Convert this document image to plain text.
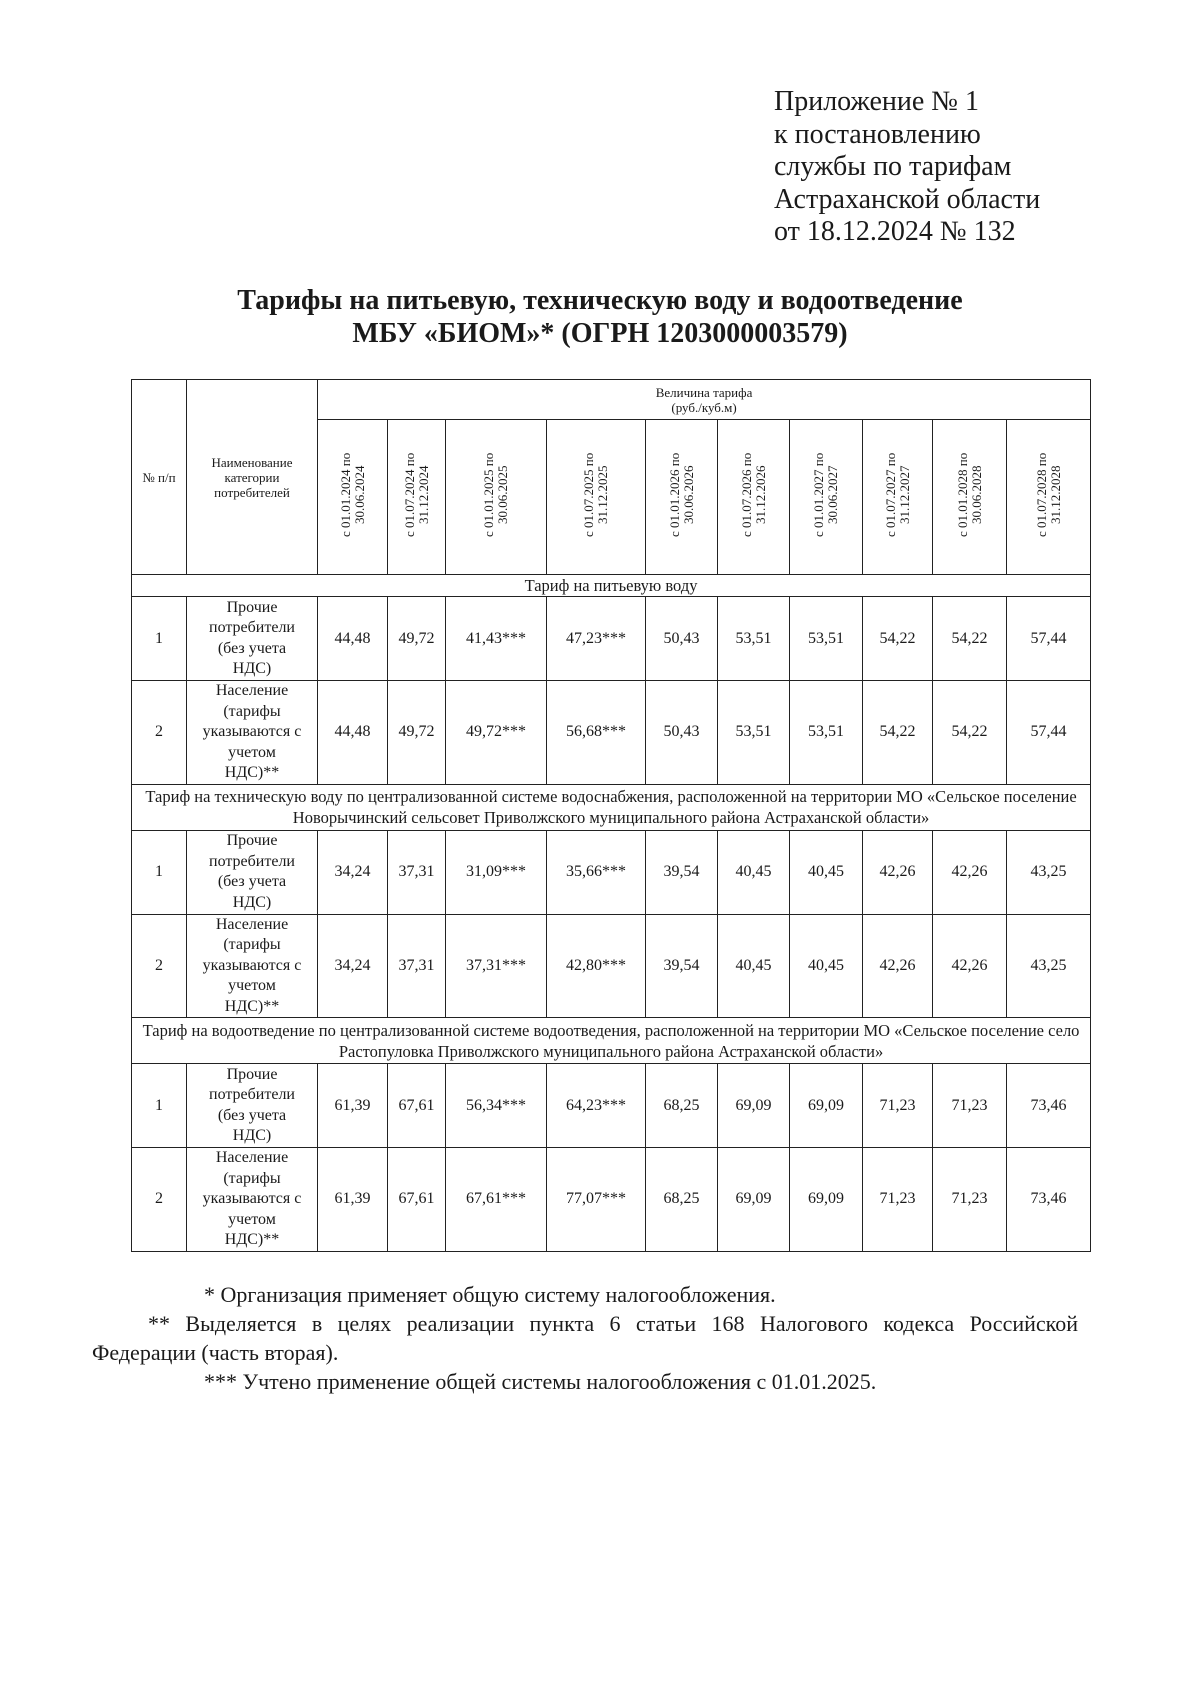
Приложение № 1
к постановлению
службы по тарифам
Астраханской области
от 18.12.2024 № 132
Тарифы на питьевую, техническую воду и водоотведение
МБУ «БИОМ»* (ОГРН 1203000003579)
№ п/п	Наименование категории потребителей	Величина тарифа (руб./куб.м)									

		с 01.01.2024 по 30.06.2024	с 01.07.2024 по 31.12.2024	с 01.01.2025 по 30.06.2025	с 01.07.2025 по 31.12.2025	с 01.01.2026 по 30.06.2026	с 01.07.2026 по 31.12.2026	с 01.01.2027 по 30.06.2027	с 01.07.2027 по 31.12.2027	с 01.01.2028 по 30.06.2028	с 01.07.2028 по 31.12.2028
Тариф на питьевую воду											
1	Прочие потребители (без учета НДС)	44,48	49,72	41,43***	47,23***	50,43	53,51	53,51	54,22	54,22	57,44
2	Население (тарифы указываются с учетом НДС)**	44,48	49,72	49,72***	56,68***	50,43	53,51	53,51	54,22	54,22	57,44
Тариф на техническую воду по централизованной системе водоснабжения, расположенной на территории МО «Сельское поселение Новорычинский сельсовет Приволжского муниципального района Астраханской области»											
1	Прочие потребители (без учета НДС)	34,24	37,31	31,09***	35,66***	39,54	40,45	40,45	42,26	42,26	43,25
2	Население (тарифы указываются с учетом НДС)**	34,24	37,31	37,31***	42,80***	39,54	40,45	40,45	42,26	42,26	43,25
Тариф на водоотведение по централизованной системе водоотведения, расположенной на территории МО «Сельское поселение село Растопуловка Приволжского муниципального района Астраханской области»											
1	Прочие потребители (без учета НДС)	61,39	67,61	56,34***	64,23***	68,25	69,09	69,09	71,23	71,23	73,46
2	Население (тарифы указываются с учетом НДС)**	61,39	67,61	67,61***	77,07***	68,25	69,09	69,09	71,23	71,23	73,46

* Организация применяет общую систему налогообложения.

** Выделяется в целях реализации пункта 6 статьи 168 Налогового кодекса Российской Федерации (часть вторая).

*** Учтено применение общей системы налогообложения с 01.01.2025.
